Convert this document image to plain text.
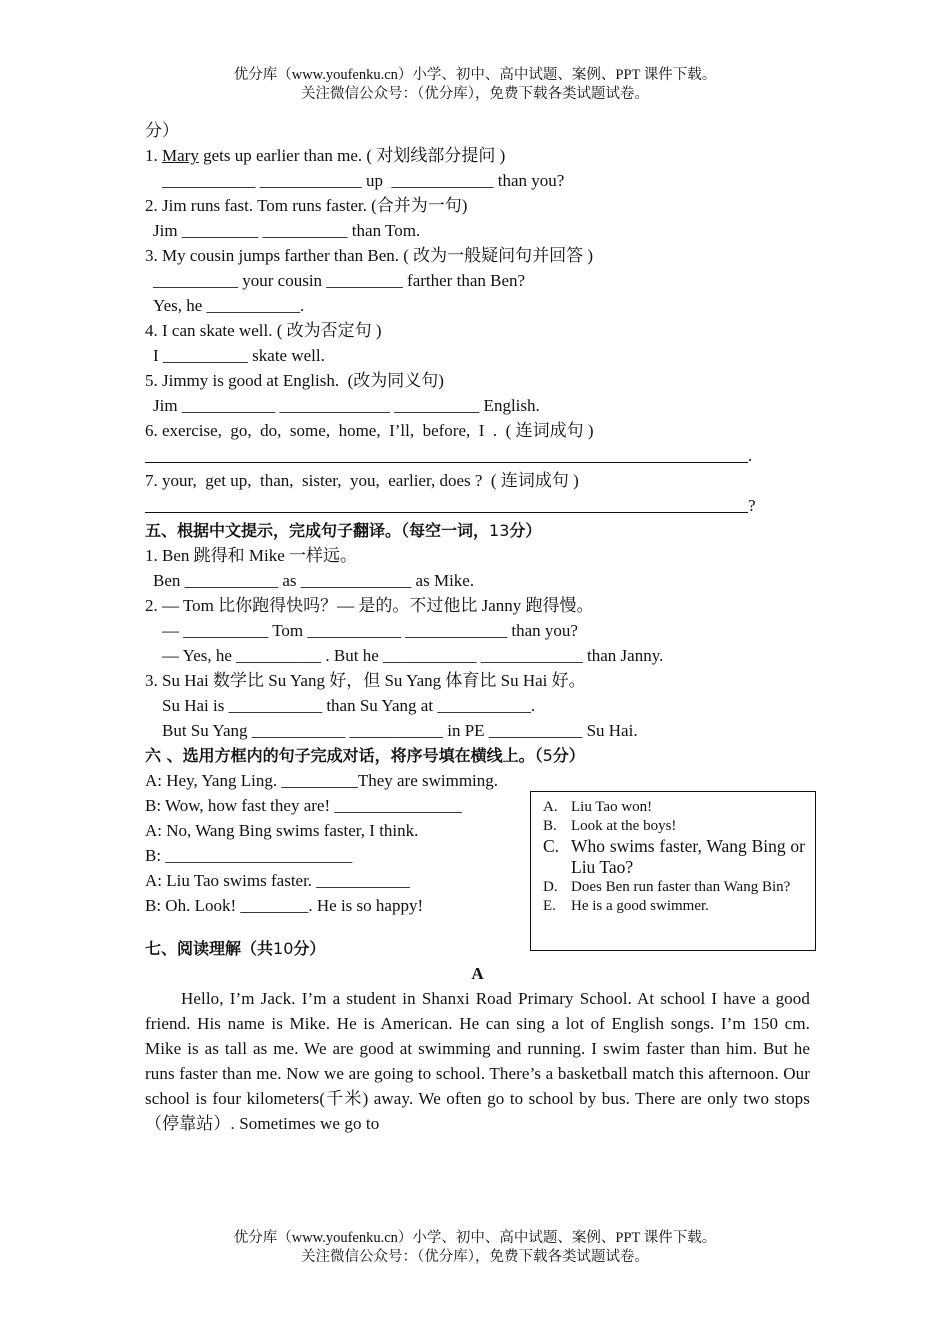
优分库（www.youfenku.cn）小学、初中、高中试题、案例、PPT 课件下载。
关注微信公众号：（优分库），免费下载各类试题试卷。
分）
1. Mary gets up earlier than me. ( 对划线部分提问 )
___________ ____________ up  ____________ than you?
2. Jim runs fast. Tom runs faster. (合并为一句)
Jim _________ __________ than Tom.
3. My cousin jumps farther than Ben. ( 改为一般疑问句并回答 )
__________ your cousin _________ farther than Ben?
Yes, he ___________.
4. I can skate well. ( 改为否定句 )
I __________ skate well.
5. Jimmy is good at English.  (改为同义句)
Jim ___________ _____________ __________ English.
6. exercise,  go,  do,  some,  home,  I’ll,  before,  I  .  ( 连词成句 )
.
7. your,  get up,  than,  sister,  you,  earlier, does ?  ( 连词成句 )
?
五、根据中文提示，完成句子翻译。（每空一词，13分）
1. Ben 跳得和 Mike 一样远。
Ben ___________ as _____________ as Mike.
2. — Tom 比你跑得快吗？— 是的。不过他比 Janny 跑得慢。
— __________ Tom ___________ ____________ than you?
— Yes, he __________ . But he ___________ ____________ than Janny.
3. Su Hai 数学比 Su Yang 好，但 Su Yang 体育比 Su Hai 好。
Su Hai is ___________ than Su Yang at ___________.
But Su Yang ___________ ___________ in PE ___________ Su Hai.
六 、选用方框内的句子完成对话，将序号填在横线上。（5分）
A: Hey, Yang Ling. _________They are swimming.
B: Wow, how fast they are! _______________
A: No, Wang Bing swims faster, I think.
B: ______________________
A: Liu Tao swims faster. ___________
B: Oh. Look! ________. He is so happy!
七、阅读理解（共10分）
A
Hello, I’m Jack. I’m a student in Shanxi Road Primary School. At school I have a good friend. His name is Mike. He is American. He can sing a lot of English songs. I’m 150 cm. Mike is as tall as me. We are good at swimming and running. I swim faster than him. But he runs faster than me. Now we are going to school. There’s a basketball match this afternoon. Our school is four kilometers(千米) away. We often go to school by bus. There are only two stops（停靠站）. Sometimes we go to
A. Liu Tao won!
B. Look at the boys!
C. Who swims faster, Wang Bing or Liu Tao?
D. Does Ben run faster than Wang Bin?
E.	He is a good swimmer.
优分库（www.youfenku.cn）小学、初中、高中试题、案例、PPT 课件下载。
关注微信公众号：（优分库），免费下载各类试题试卷。
